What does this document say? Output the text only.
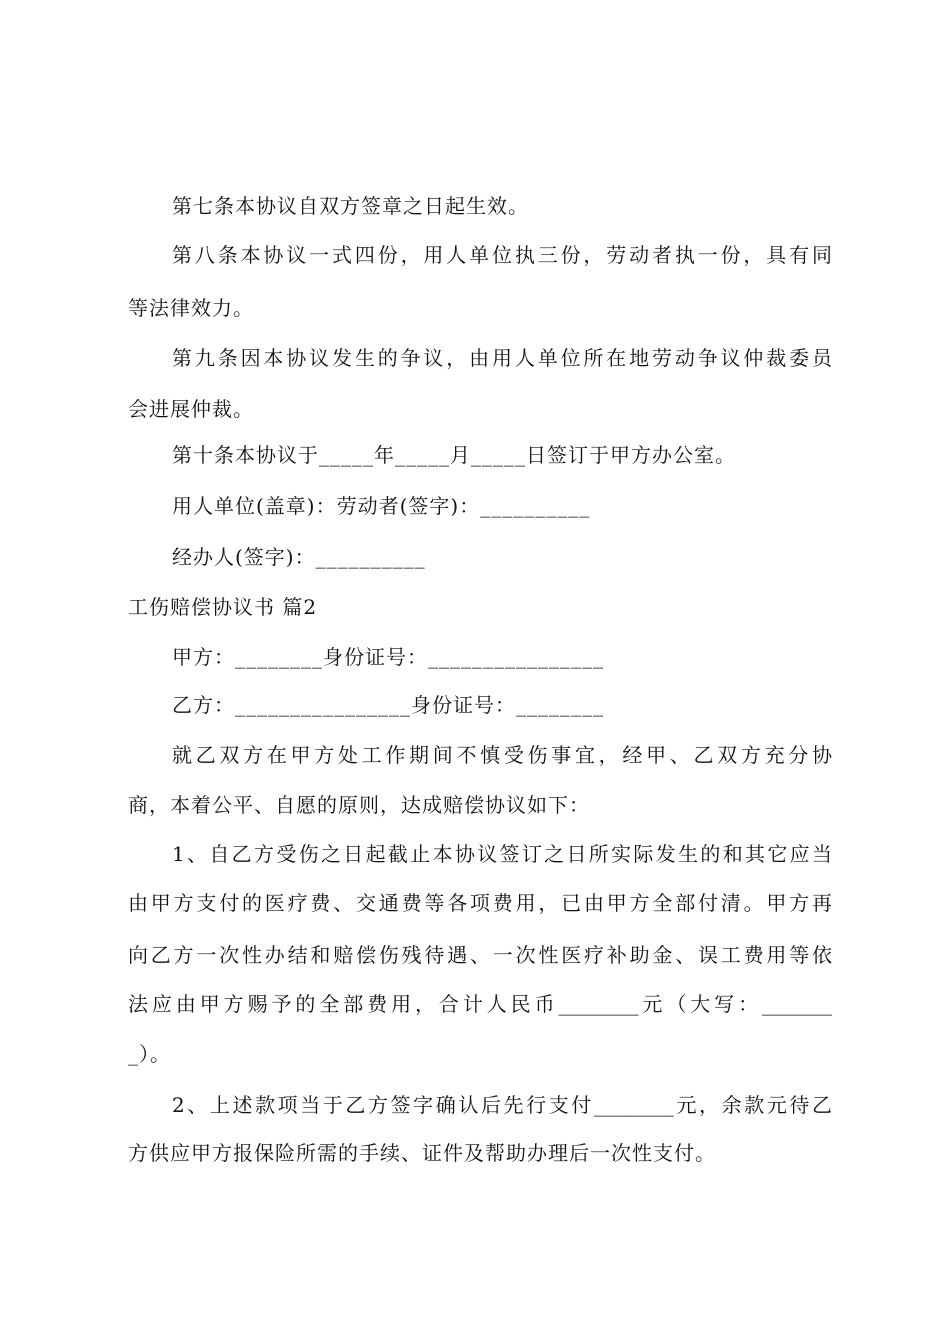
第七条本协议自双方签章之日起生效。
第八条本协议一式四份，用人单位执三份，劳动者执一份，具有同
等法律效力。
第九条因本协议发生的争议，由用人单位所在地劳动争议仲裁委员
会进展仲裁。
第十条本协议于_____年_____月_____日签订于甲方办公室。
用人单位(盖章)：劳动者(签字)：__________
经办人(签字)：__________
工伤赔偿协议书 篇2
甲方：________身份证号：________________
乙方：________________身份证号：________
就乙双方在甲方处工作期间不慎受伤事宜，经甲、乙双方充分协
商，本着公平、自愿的原则，达成赔偿协议如下：
1、自乙方受伤之日起截止本协议签订之日所实际发生的和其它应当
由甲方支付的医疗费、交通费等各项费用，已由甲方全部付清。甲方再
向乙方一次性办结和赔偿伤残待遇、一次性医疗补助金、误工费用等依
法应由甲方赐予的全部费用，合计人民币________元（大写：_______
_）。
2、上述款项当于乙方签字确认后先行支付________元，余款元待乙
方供应甲方报保险所需的手续、证件及帮助办理后一次性支付。
